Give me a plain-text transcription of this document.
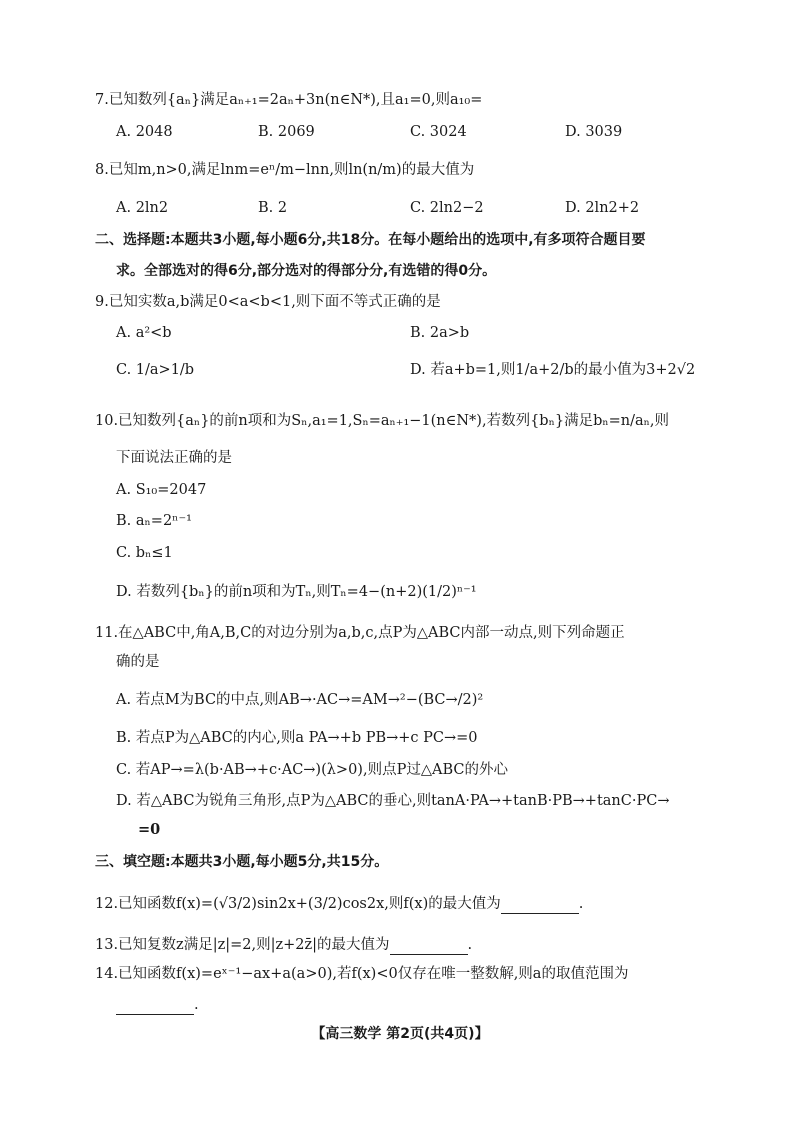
7.已知数列{aₙ}满足aₙ₊₁=2aₙ+3n(n∈N*),且a₁=0,则a₁₀=
A. 2048	B. 2069	C. 3024	D. 3039
8.已知m,n>0,满足lnm=eⁿ/m−lnn,则ln(n/m)的最大值为
A. 2ln2	B. 2	C. 2ln2−2	D. 2ln2+2
二、选择题:本题共3小题,每小题6分,共18分。在每小题给出的选项中,有多项符合题目要
求。全部选对的得6分,部分选对的得部分分,有选错的得0分。
9.已知实数a,b满足0<a<b<1,则下面不等式正确的是
A. a²<b	B. 2a>b
C. 1/a>1/b	D. 若a+b=1,则1/a+2/b的最小值为3+2√2
10.已知数列{aₙ}的前n项和为Sₙ,a₁=1,Sₙ=aₙ₊₁−1(n∈N*),若数列{bₙ}满足bₙ=n/aₙ,则
下面说法正确的是
A. S₁₀=2047
B. aₙ=2ⁿ⁻¹
C. bₙ≤1
D. 若数列{bₙ}的前n项和为Tₙ,则Tₙ=4−(n+2)(1/2)ⁿ⁻¹
11.在△ABC中,角A,B,C的对边分别为a,b,c,点P为△ABC内部一动点,则下列命题正
确的是
A. 若点M为BC的中点,则AB→·AC→=AM→²−(BC→/2)²
B. 若点P为△ABC的内心,则a PA→+b PB→+c PC→=0
C. 若AP→=λ(b·AB→+c·AC→)(λ>0),则点P过△ABC的外心
D. 若△ABC为锐角三角形,点P为△ABC的垂心,则tanA·PA→+tanB·PB→+tanC·PC→
=0
三、填空题:本题共3小题,每小题5分,共15分。
12.已知函数f(x)=(√3/2)sin2x+(3/2)cos2x,则f(x)的最大值为	.
13.已知复数z满足|z|=2,则|z+2z̄|的最大值为	.
14.已知函数f(x)=eˣ⁻¹−ax+a(a>0),若f(x)<0仅存在唯一整数解,则a的取值范围为
.
【高三数学 第2页(共4页)】
